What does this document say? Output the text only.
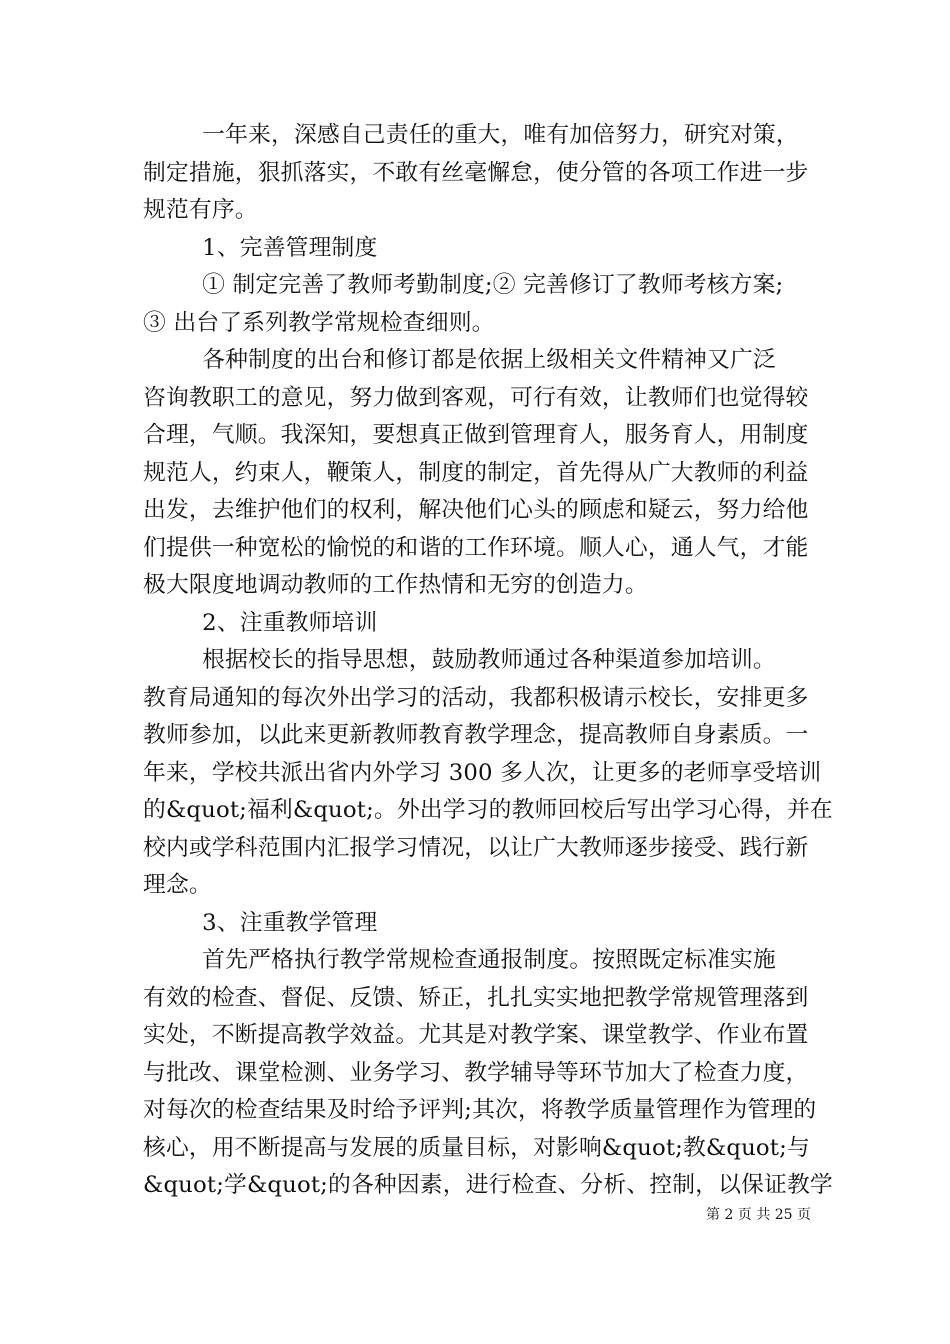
一年来，深感自己责任的重大，唯有加倍努力，研究对策，
制定措施，狠抓落实，不敢有丝毫懈怠，使分管的各项工作进一步
规范有序。
1、完善管理制度
① 制定完善了教师考勤制度;② 完善修订了教师考核方案;
③ 出台了系列教学常规检查细则。
各种制度的出台和修订都是依据上级相关文件精神又广泛
咨询教职工的意见，努力做到客观，可行有效，让教师们也觉得较
合理，气顺。我深知，要想真正做到管理育人，服务育人，用制度
规范人，约束人，鞭策人，制度的制定，首先得从广大教师的利益
出发，去维护他们的权利，解决他们心头的顾虑和疑云，努力给他
们提供一种宽松的愉悦的和谐的工作环境。顺人心，通人气，才能
极大限度地调动教师的工作热情和无穷的创造力。
2、注重教师培训
根据校长的指导思想，鼓励教师通过各种渠道参加培训。
教育局通知的每次外出学习的活动，我都积极请示校长，安排更多
教师参加，以此来更新教师教育教学理念，提高教师自身素质。一
年来，学校共派出省内外学习 300 多人次，让更多的老师享受培训
的&quot;福利&quot;。外出学习的教师回校后写出学习心得，并在
校内或学科范围内汇报学习情况，以让广大教师逐步接受、践行新
理念。
3、注重教学管理
首先严格执行教学常规检查通报制度。按照既定标准实施
有效的检查、督促、反馈、矫正，扎扎实实地把教学常规管理落到
实处，不断提高教学效益。尤其是对教学案、课堂教学、作业布置
与批改、课堂检测、业务学习、教学辅导等环节加大了检查力度，
对每次的检查结果及时给予评判;其次，将教学质量管理作为管理的
核心，用不断提高与发展的质量目标，对影响&quot;教&quot;与
&quot;学&quot;的各种因素，进行检查、分析、控制，以保证教学
第 2 页 共 25 页
